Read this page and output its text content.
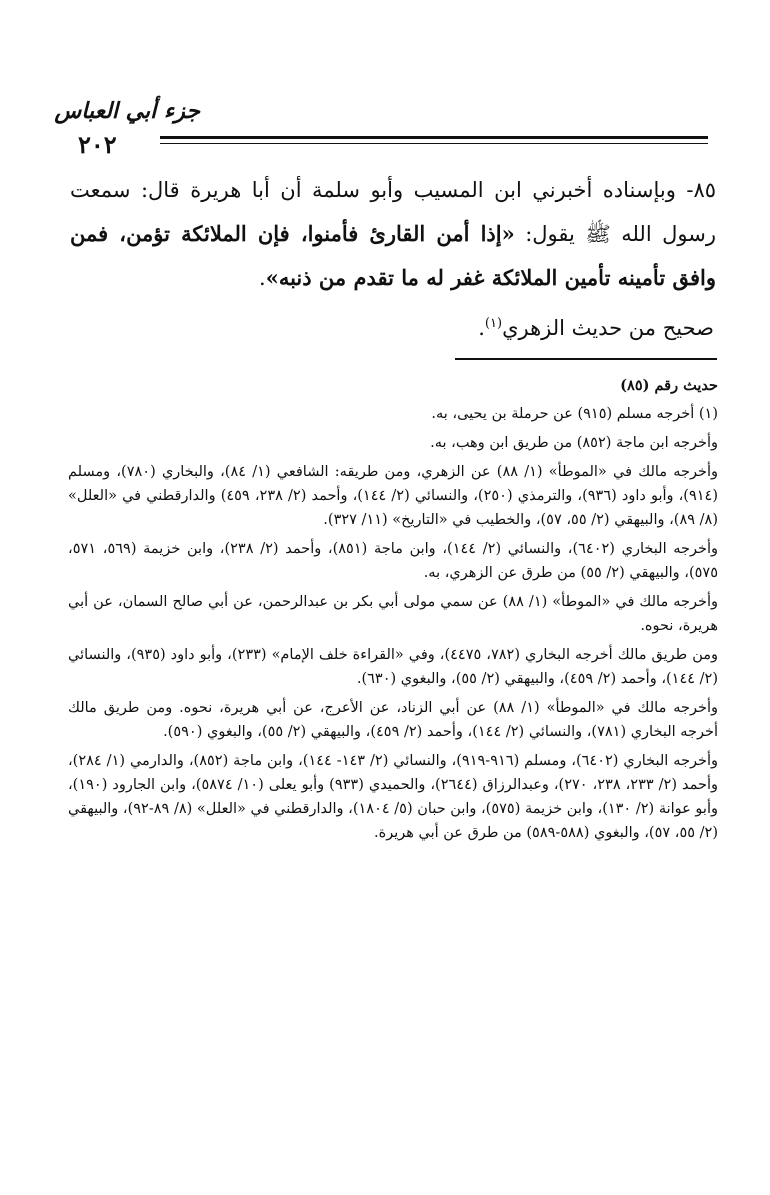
جزء أبي العباس
٢٠٢
٨٥- وبإسناده أخبرني ابن المسيب وأبو سلمة أن أبا هريرة قال: سمعت رسول الله ﷺ يقول: «إذا أمن القارئ فأمنوا، فإن الملائكة تؤمن، فمن وافق تأمينه تأمين الملائكة غفر له ما تقدم من ذنبه».
صحيح من حديث الزهري$^{(١)}$.
حديث رقم (٨٥)

(١) أخرجه مسلم (٩١٥) عن حرملة بن يحيى، به.

وأخرجه ابن ماجة (٨٥٢) من طريق ابن وهب، به.

وأخرجه مالك في «الموطأ» (١/ ٨٨) عن الزهري، ومن طريقه: الشافعي (١/ ٨٤)، والبخاري (٧٨٠)، ومسلم (٩١٤)، وأبو داود (٩٣٦)، والترمذي (٢٥٠)، والنسائي (٢/ ١٤٤)، وأحمد (٢/ ٢٣٨، ٤٥٩) والدارقطني في «العلل» (٨/ ٨٩)، والبيهقي (٢/ ٥٥، ٥٧)، والخطيب في «التاريخ» (١١/ ٣٢٧).

وأخرجه البخاري (٦٤٠٢)، والنسائي (٢/ ١٤٤)، وابن ماجة (٨٥١)، وأحمد (٢/ ٢٣٨)، وابن خزيمة (٥٦٩، ٥٧١، ٥٧٥)، والبيهقي (٢/ ٥٥) من طرق عن الزهري، به.

وأخرجه مالك في «الموطأ» (١/ ٨٨) عن سمي مولى أبي بكر بن عبدالرحمن، عن أبي صالح السمان، عن أبي هريرة، نحوه.

ومن طريق مالك أخرجه البخاري (٧٨٢، ٤٤٧٥)، وفي «القراءة خلف الإمام» (٢٣٣)، وأبو داود (٩٣٥)، والنسائي (٢/ ١٤٤)، وأحمد (٢/ ٤٥٩)، والبيهقي (٢/ ٥٥)، والبغوي (٦٣٠).

وأخرجه مالك في «الموطأ» (١/ ٨٨) عن أبي الزناد، عن الأعرج، عن أبي هريرة، نحوه. ومن طريق مالك أخرجه البخاري (٧٨١)، والنسائي (٢/ ١٤٤)، وأحمد (٢/ ٤٥٩)، والبيهقي (٢/ ٥٥)، والبغوي (٥٩٠).

وأخرجه البخاري (٦٤٠٢)، ومسلم (٩١٦-٩١٩)، والنسائي (٢/ ١٤٣- ١٤٤)، وابن ماجة (٨٥٢)، والدارمي (١/ ٢٨٤)، وأحمد (٢/ ٢٣٣، ٢٣٨، ٢٧٠)، وعبدالرزاق (٢٦٤٤)، والحميدي (٩٣٣) وأبو يعلى (١٠/ ٥٨٧٤)، وابن الجارود (١٩٠)، وأبو عوانة (٢/ ١٣٠)، وابن خزيمة (٥٧٥)، وابن حبان (٥/ ١٨٠٤)، والدارقطني في «العلل» (٨/ ٨٩-٩٢)، والبيهقي (٢/ ٥٥، ٥٧)، والبغوي (٥٨٨-٥٨٩) من طرق عن أبي هريرة.
